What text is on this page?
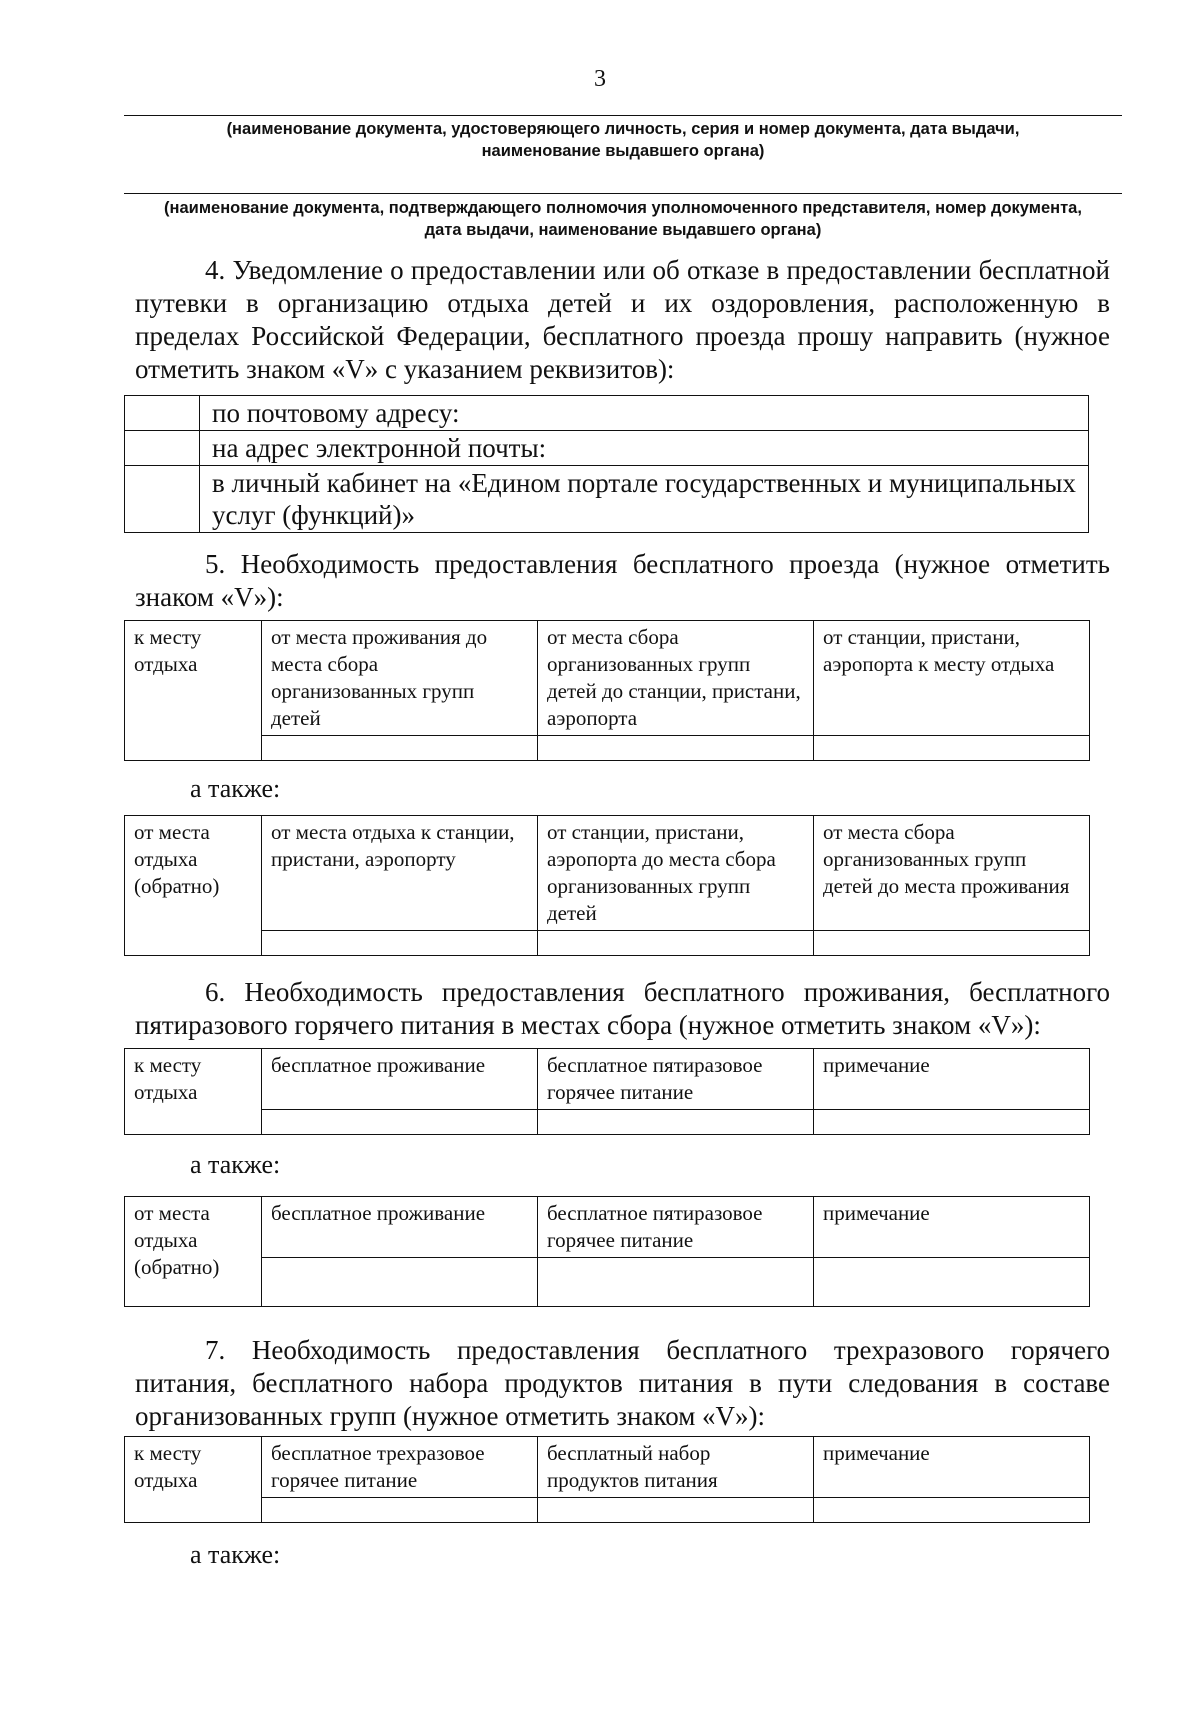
3
(наименование документа, удостоверяющего личность, серия и номер документа, дата выдачи,
наименование выдавшего органа)
(наименование документа, подтверждающего полномочия уполномоченного представителя, номер документа,
дата выдачи, наименование выдавшего органа)
4. Уведомление о предоставлении или об отказе в предоставлении бесплатной путевки в организацию отдыха детей и их оздоровления, расположенную в пределах Российской Федерации, бесплатного проезда прошу направить (нужное отметить знаком «V» с указанием реквизитов):
	по почтовому адресу:
	на адрес электронной почты:
	в личный кабинет на «Едином портале государственных и муниципальных услуг (функций)»
5. Необходимость предоставления бесплатного проезда (нужное отметить знаком «V»):
к месту отдыха	от места проживания до места сбора организованных групп детей	от места сбора организованных групп детей до станции, пристани, аэропорта	от станции, пристани, аэропорта к месту отдыха

а также:
от места отдыха (обратно)	от места отдыха к станции, пристани, аэропорту	от станции, пристани, аэропорта до места сбора организованных групп детей	от места сбора организованных групп детей до места проживания

6. Необходимость предоставления бесплатного проживания, бесплатного пятиразового горячего питания в местах сбора (нужное отметить знаком «V»):
к месту отдыха	бесплатное проживание	бесплатное пятиразовое горячее питание	примечание

а также:
от места отдыха (обратно)	бесплатное проживание	бесплатное пятиразовое горячее питание	примечание

7. Необходимость предоставления бесплатного трехразового горячего питания, бесплатного набора продуктов питания в пути следования в составе организованных групп (нужное отметить знаком «V»):
к месту отдыха	бесплатное трехразовое горячее питание	бесплатный набор продуктов питания	примечание

а также:
